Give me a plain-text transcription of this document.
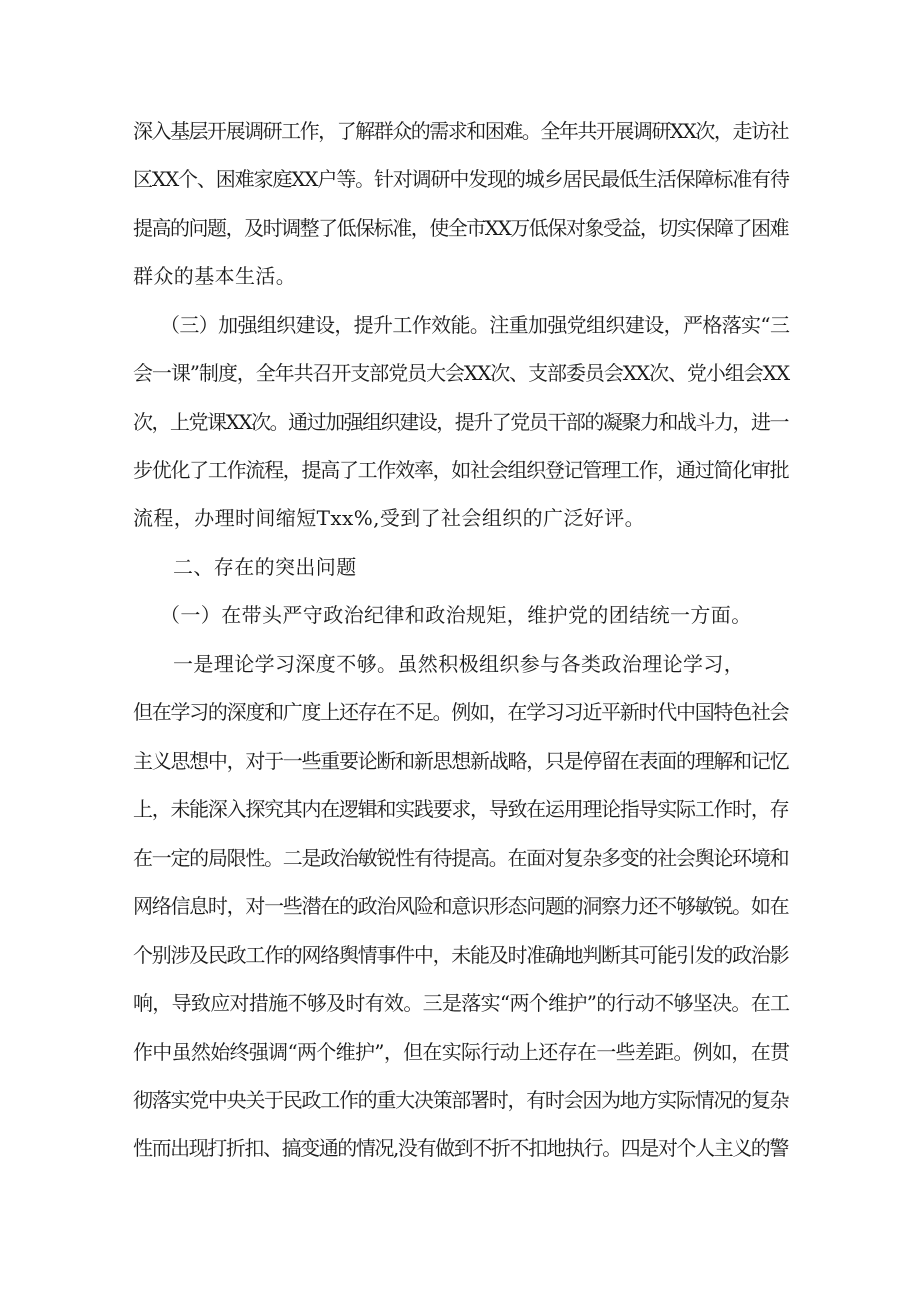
深入基层开展调研工作，了解群众的需求和困难。全年共开展调研XX次，走访社
区XX个、困难家庭XX户等。针对调研中发现的城乡居民最低生活保障标准有待
提高的问题，及时调整了低保标准，使全市XX万低保对象受益，切实保障了困难
群众的基本生活。
（三）加强组织建设，提升工作效能。注重加强党组织建设，严格落实“三
会一课”制度，全年共召开支部党员大会XX次、支部委员会XX次、党小组会XX
次，上党课XX次。通过加强组织建设，提升了党员干部的凝聚力和战斗力，进一
步优化了工作流程，提高了工作效率，如社会组织登记管理工作，通过简化审批
流程，办理时间缩短Txx%,受到了社会组织的广泛好评。
二、存在的突出问题
（一）在带头严守政治纪律和政治规矩，维护党的团结统一方面。
一是理论学习深度不够。虽然积极组织参与各类政治理论学习，
但在学习的深度和广度上还存在不足。例如，在学习习近平新时代中国特色社会
主义思想中，对于一些重要论断和新思想新战略，只是停留在表面的理解和记忆
上，未能深入探究其内在逻辑和实践要求，导致在运用理论指导实际工作时，存
在一定的局限性。二是政治敏锐性有待提高。在面对复杂多变的社会舆论环境和
网络信息时，对一些潜在的政治风险和意识形态问题的洞察力还不够敏锐。如在
个别涉及民政工作的网络舆情事件中，未能及时准确地判断其可能引发的政治影
响，导致应对措施不够及时有效。三是落实“两个维护”的行动不够坚决。在工
作中虽然始终强调“两个维护”，但在实际行动上还存在一些差距。例如，在贯
彻落实党中央关于民政工作的重大决策部署时，有时会因为地方实际情况的复杂
性而出现打折扣、搞变通的情况,没有做到不折不扣地执行。四是对个人主义的警
